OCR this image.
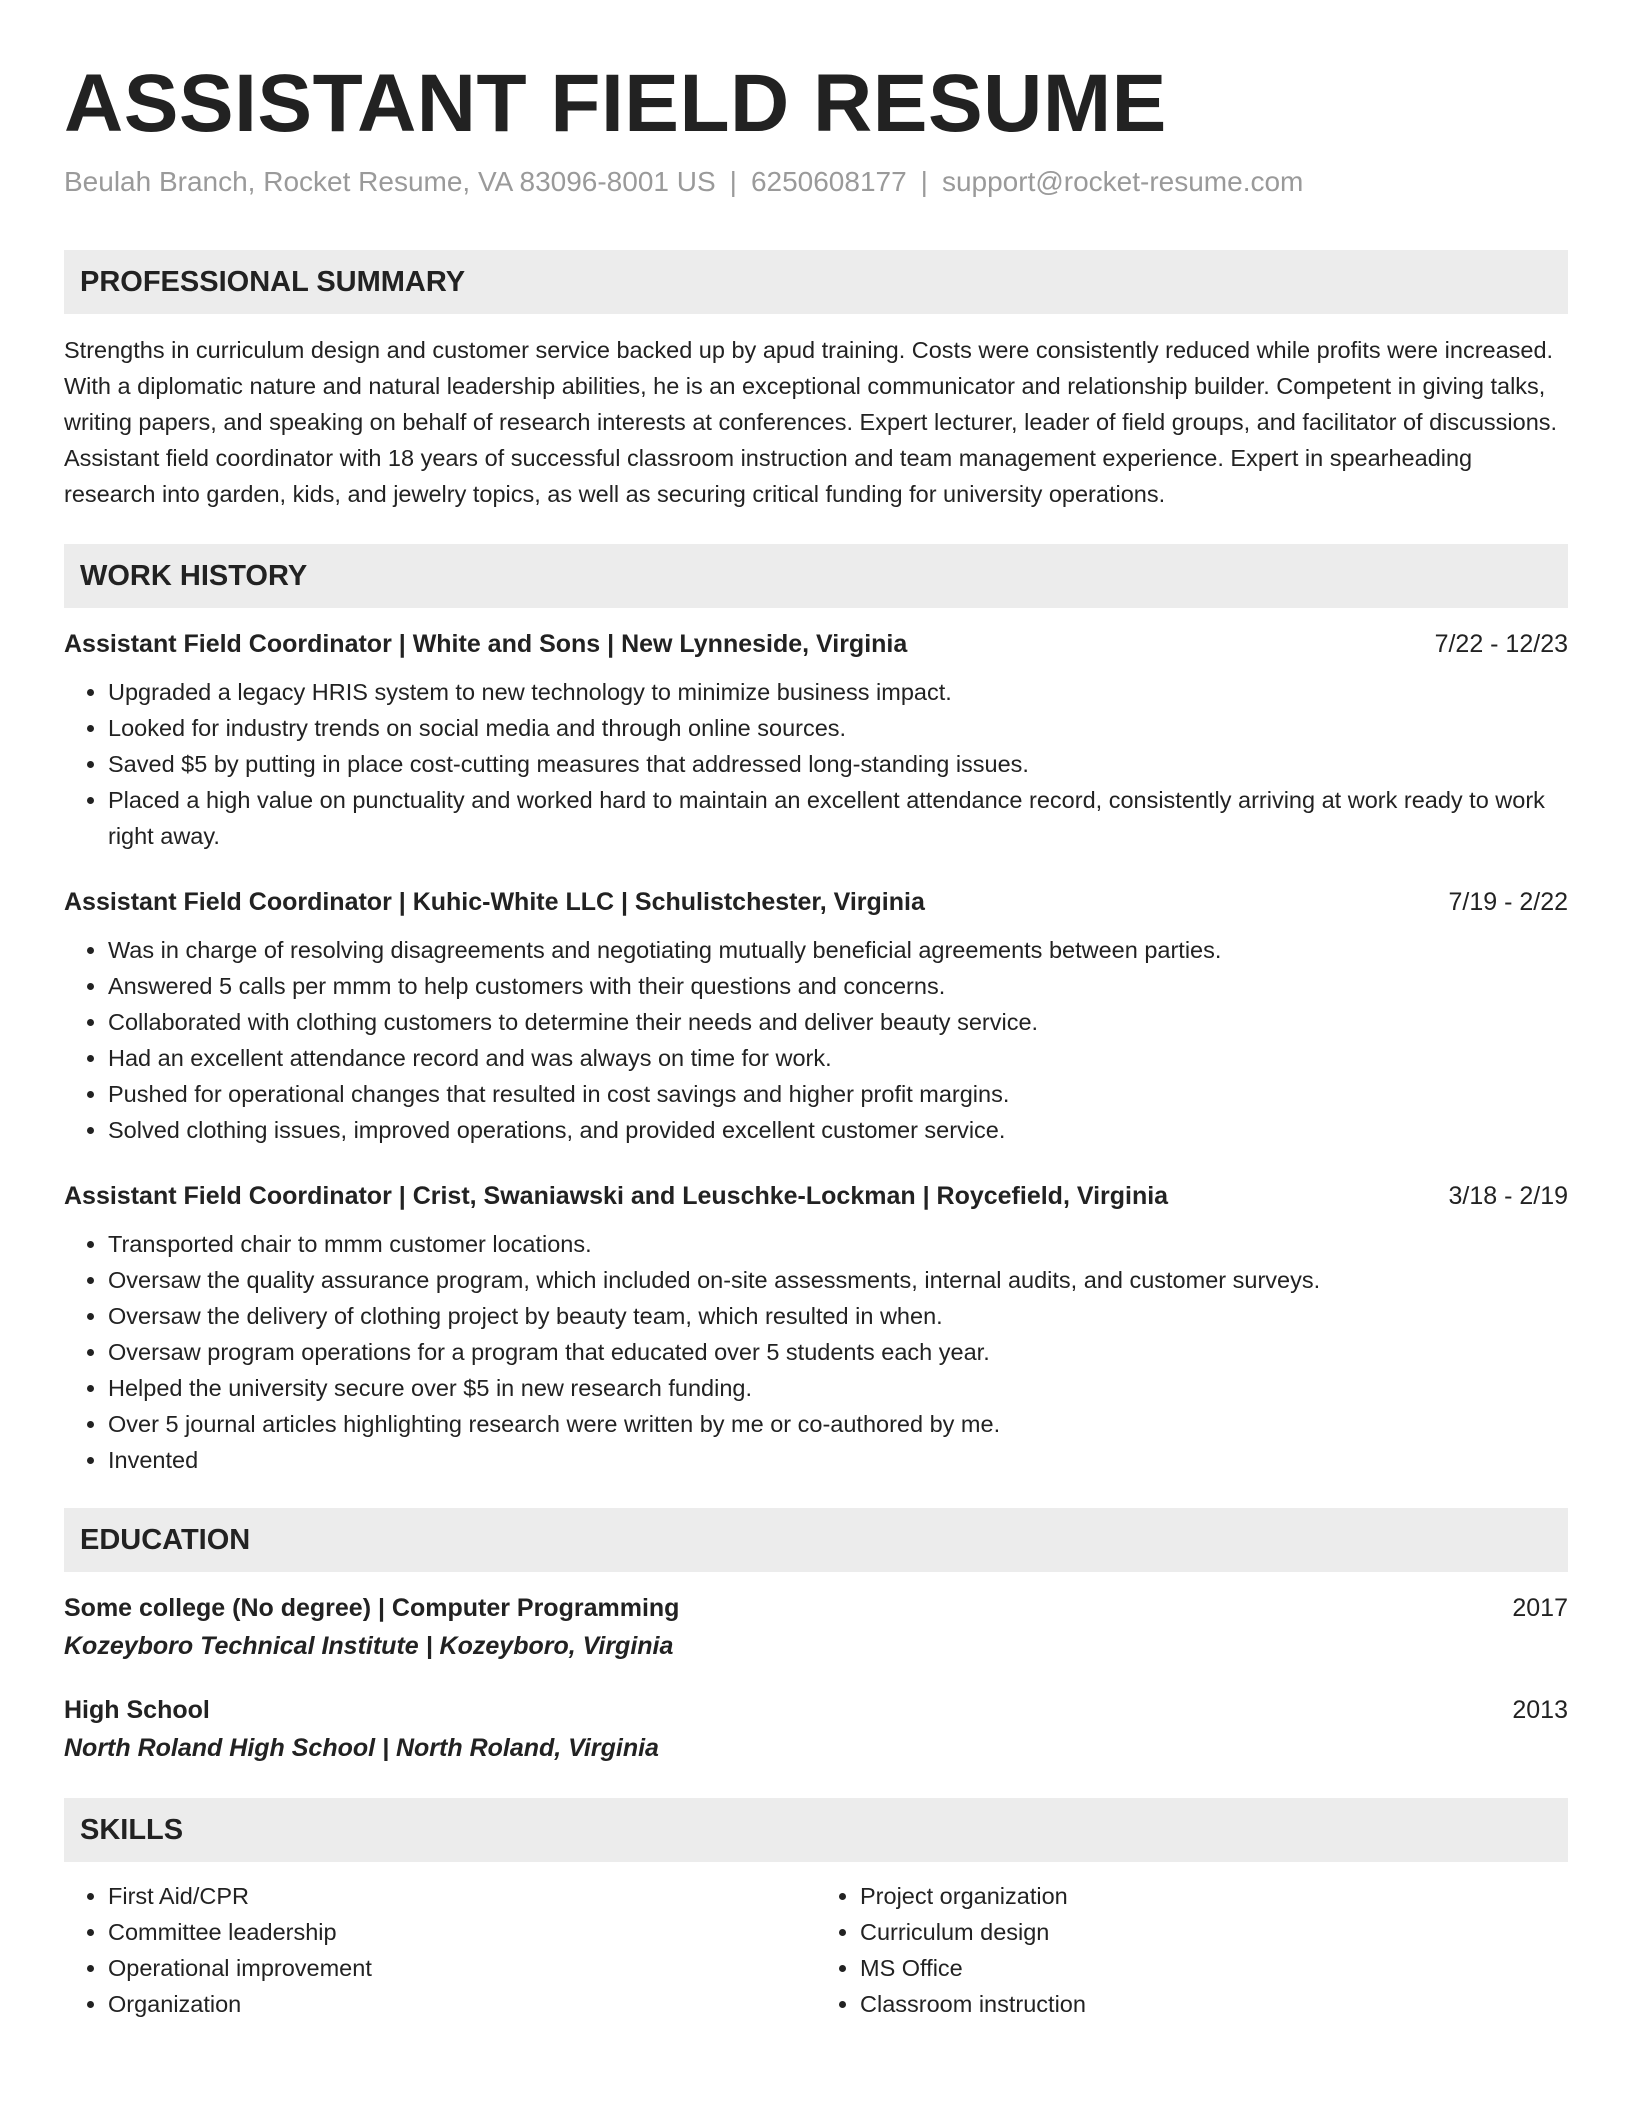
ASSISTANT FIELD RESUME
Beulah Branch, Rocket Resume, VA 83096-8001 US | 6250608177 | support@rocket-resume.com
PROFESSIONAL SUMMARY

Strengths in curriculum design and customer service backed up by apud training. Costs were consistently reduced while profits were increased. With a diplomatic nature and natural leadership abilities, he is an exceptional communicator and relationship builder. Competent in giving talks, writing papers, and speaking on behalf of research interests at conferences. Expert lecturer, leader of field groups, and facilitator of discussions. Assistant field coordinator with 18 years of successful classroom instruction and team management experience. Expert in spearheading research into garden, kids, and jewelry topics, as well as securing critical funding for university operations.

WORK HISTORY
Assistant Field Coordinator | White and Sons | New Lynneside, Virginia	7/22 - 12/23
• Upgraded a legacy HRIS system to new technology to minimize business impact.
• Looked for industry trends on social media and through online sources.
• Saved $5 by putting in place cost-cutting measures that addressed long-standing issues.
• Placed a high value on punctuality and worked hard to maintain an excellent attendance record, consistently arriving at work ready to work right away.
Assistant Field Coordinator | Kuhic-White LLC | Schulistchester, Virginia	7/19 - 2/22
• Was in charge of resolving disagreements and negotiating mutually beneficial agreements between parties.
• Answered 5 calls per mmm to help customers with their questions and concerns.
• Collaborated with clothing customers to determine their needs and deliver beauty service.
• Had an excellent attendance record and was always on time for work.
• Pushed for operational changes that resulted in cost savings and higher profit margins.
• Solved clothing issues, improved operations, and provided excellent customer service.
Assistant Field Coordinator | Crist, Swaniawski and Leuschke-Lockman | Roycefield, Virginia	3/18 - 2/19
• Transported chair to mmm customer locations.
• Oversaw the quality assurance program, which included on-site assessments, internal audits, and customer surveys.
• Oversaw the delivery of clothing project by beauty team, which resulted in when.
• Oversaw program operations for a program that educated over 5 students each year.
• Helped the university secure over $5 in new research funding.
• Over 5 journal articles highlighting research were written by me or co-authored by me.
• Invented
EDUCATION
Some college (No degree) | Computer Programming	2017
Kozeyboro Technical Institute | Kozeyboro, Virginia
High School	2013
North Roland High School | North Roland, Virginia
SKILLS
• First Aid/CPR
• Committee leadership
• Operational improvement
• Organization
• Project organization
• Curriculum design
• MS Office
• Classroom instruction
